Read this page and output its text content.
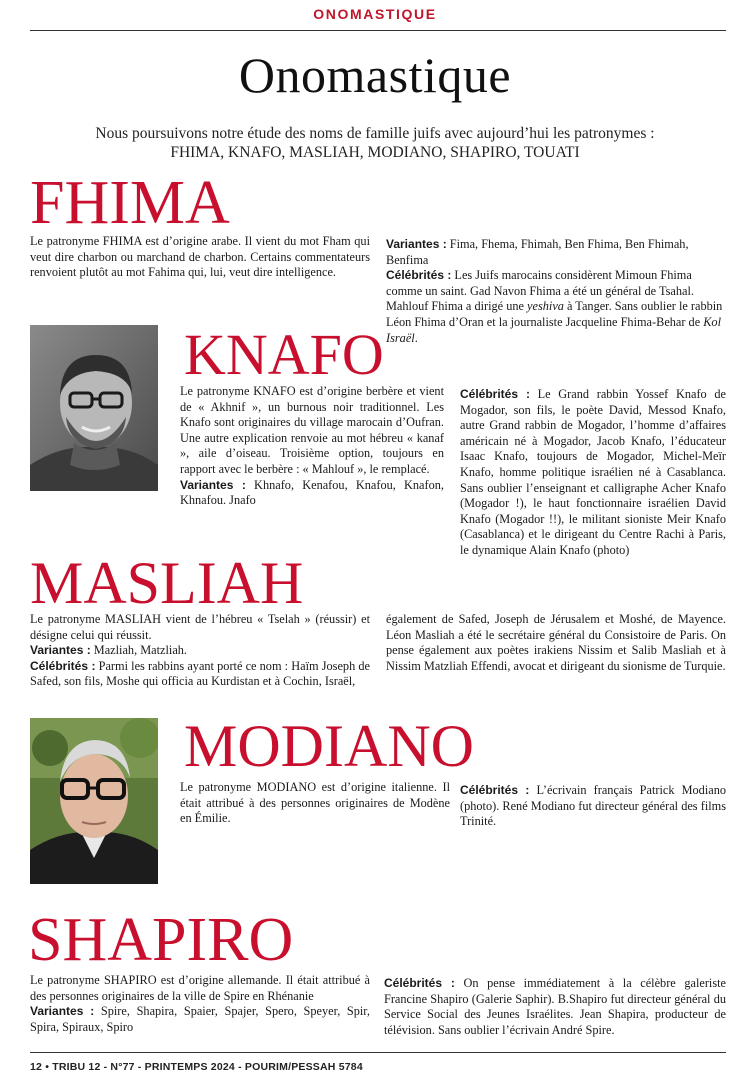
ONOMASTIQUE
Onomastique
Nous poursuivons notre étude des noms de famille juifs avec aujourd’hui les patronymes :
FHIMA, KNAFO, MASLIAH, MODIANO, SHAPIRO, TOUATI
FHIMA
Le patronyme FHIMA est d’origine arabe. Il vient du mot Fham qui veut dire charbon ou marchand de charbon. Certains commentateurs renvoient plutôt au mot Fahima qui, lui, veut dire intelligence.

Variantes : Fima, Fhema, Fhimah, Ben Fhima, Ben Fhimah, Benfima

Célébrités : Les Juifs marocains considèrent Mimoun Fhima comme un saint. Gad Navon Fhima a été un général de Tsahal. Mahlouf Fhima a dirigé une yeshiva à Tanger. Sans oublier le rabbin Léon Fhima d’Oran et la journaliste Jacqueline Fhima-Behar de Kol Israël.

KNAFO

Le patronyme KNAFO est d’origine berbère et vient de « Akhnif », un burnous noir traditionnel. Les Knafo sont originaires du village marocain d’Oufran. Une autre explication renvoie au mot hébreu « kanaf », aile d’oiseau. Troisième option, toujours en rapport avec le berbère : « Mahlouf », le remplacé.

Variantes : Khnafo, Kenafou, Knafou, Knafon, Khnafou. Jnafo

Célébrités : Le Grand rabbin Yossef Knafo de Mogador, son fils, le poète David, Messod Knafo, autre Grand rabbin de Mogador, l’homme d’affaires américain né à Mogador, Jacob Knafo, l’éducateur Isaac Knafo, toujours de Mogador, Michel-Meïr Knafo, homme politique israélien né à Casablanca. Sans oublier l’enseignant et calligraphe Acher Knafo (Mogador !), le haut fonctionnaire israélien David Knafo (Mogador !!), le militant sioniste Meir Knafo (Casablanca) et le dirigeant du Centre Rachi à Paris, le dynamique Alain Knafo (photo)

MASLIAH

Le patronyme MASLIAH vient de l’hébreu « Tselah » (réussir) et désigne celui qui réussit.

Variantes : Mazliah, Matzliah.

Célébrités : Parmi les rabbins ayant porté ce nom : Haïm Joseph de Safed, son fils, Moshe qui officia au Kurdistan et à Cochin, Israël,

également de Safed, Joseph de Jérusalem et Moshé, de Mayence. Léon Masliah a été le secrétaire général du Consistoire de Paris. On pense également aux poètes irakiens Nissim et Salib Masliah et à Nissim Matzliah Effendi, avocat et dirigeant du sionisme de Turquie.
MODIANO
Le patronyme MODIANO est d’origine italienne. Il était attribué à des personnes originaires de Modène en Émilie.

Célébrités : L’écrivain français Patrick Modiano (photo). René Modiano fut directeur général des films Trinité.

SHAPIRO

Le patronyme SHAPIRO est d’origine allemande. Il était attribué à des personnes originaires de la ville de Spire en Rhénanie

Variantes : Spire, Shapira, Spaier, Spajer, Spero, Speyer, Spir, Spira, Spiraux, Spiro

Célébrités : On pense immédiatement à la célèbre galeriste Francine Shapiro (Galerie Saphir). B.Shapiro fut directeur général du Service Social des Jeunes Israélites. Jean Shapira, producteur de télévision. Sans oublier l’écrivain André Spire.

12 • TRIBU 12 - N°77 - PRINTEMPS 2024 - POURIM/PESSAH 5784
